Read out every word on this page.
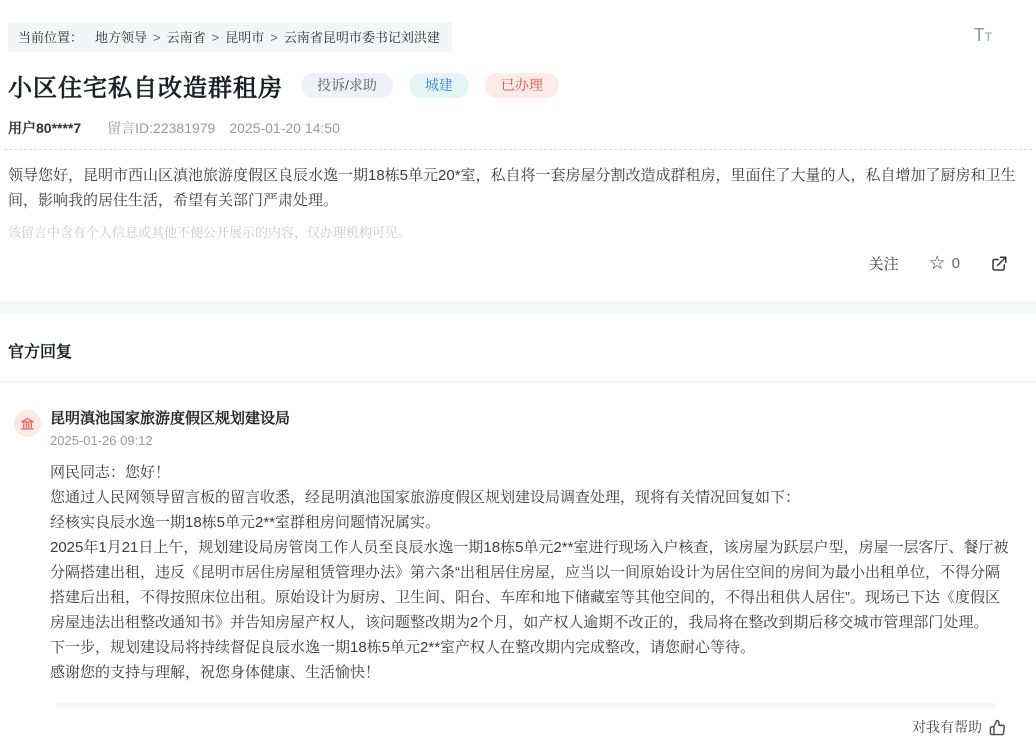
当前位置： 地方领导 > 云南省 > 昆明市 > 云南省昆明市委书记刘洪建	TT
小区住宅私自改造群租房	投诉/求助	城建	已办理
用户80****7 留言ID:22381979 2025-01-20 14:50
领导您好，昆明市西山区滇池旅游度假区良辰水逸一期18栋5单元20*室，私自将一套房屋分割改造成群租房，里面住了大量的人，私自增加了厨房和卫生间，影响我的居住生活，希望有关部门严肃处理。
该留言中含有个人信息或其他不便公开展示的内容，仅办理机构可见。
关注 ☆ 0
官方回复
昆明滇池国家旅游度假区规划建设局
2025-01-26 09:12

网民同志：您好！

您通过人民网领导留言板的留言收悉，经昆明滇池国家旅游度假区规划建设局调查处理，现将有关情况回复如下：

经核实良辰水逸一期18栋5单元2**室群租房问题情况属实。

2025年1月21日上午，规划建设局房管岗工作人员至良辰水逸一期18栋5单元2**室进行现场入户核查，该房屋为跃层户型，房屋一层客厅、餐厅被分隔搭建出租，违反《昆明市居住房屋租赁管理办法》第六条“出租居住房屋，应当以一间原始设计为居住空间的房间为最小出租单位，不得分隔搭建后出租，不得按照床位出租。原始设计为厨房、卫生间、阳台、车库和地下储藏室等其他空间的，不得出租供人居住”。现场已下达《度假区房屋违法出租整改通知书》并告知房屋产权人，该问题整改期为2个月，如产权人逾期不改正的，我局将在整改到期后移交城市管理部门处理。

下一步，规划建设局将持续督促良辰水逸一期18栋5单元2**室产权人在整改期内完成整改，请您耐心等待。

感谢您的支持与理解，祝您身体健康、生活愉快！

对我有帮助
